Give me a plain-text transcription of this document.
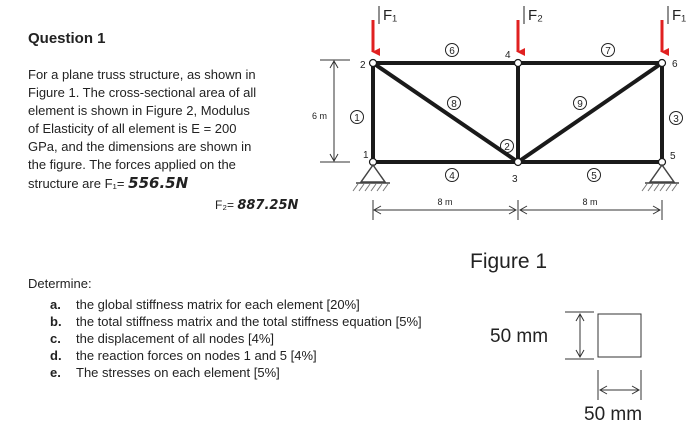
Question 1
For a plane truss structure, as shown in
Figure 1. The cross-sectional area of all
element is shown in Figure 2, Modulus
of Elasticity of all element is E = 200
GPa, and the dimensions are shown in
the figure. The forces applied on the
structure are F₁= 556.5N
F₂= 887.25N
Determine:
a.	the global stiffness matrix for each element [20%]
b.	the total stiffness matrix and the total stiffness equation [5%]
c.	the displacement of all nodes [4%]
d.	the reaction forces on nodes 1 and 5 [4%]
e.	The stresses on each element [5%]
F₁	F₂	F₁
1
2
3
4
5
6
1
2
3
4	5
6	7
8	9
6 m
8 m	8 m
Figure 1
50 mm
50 mm
